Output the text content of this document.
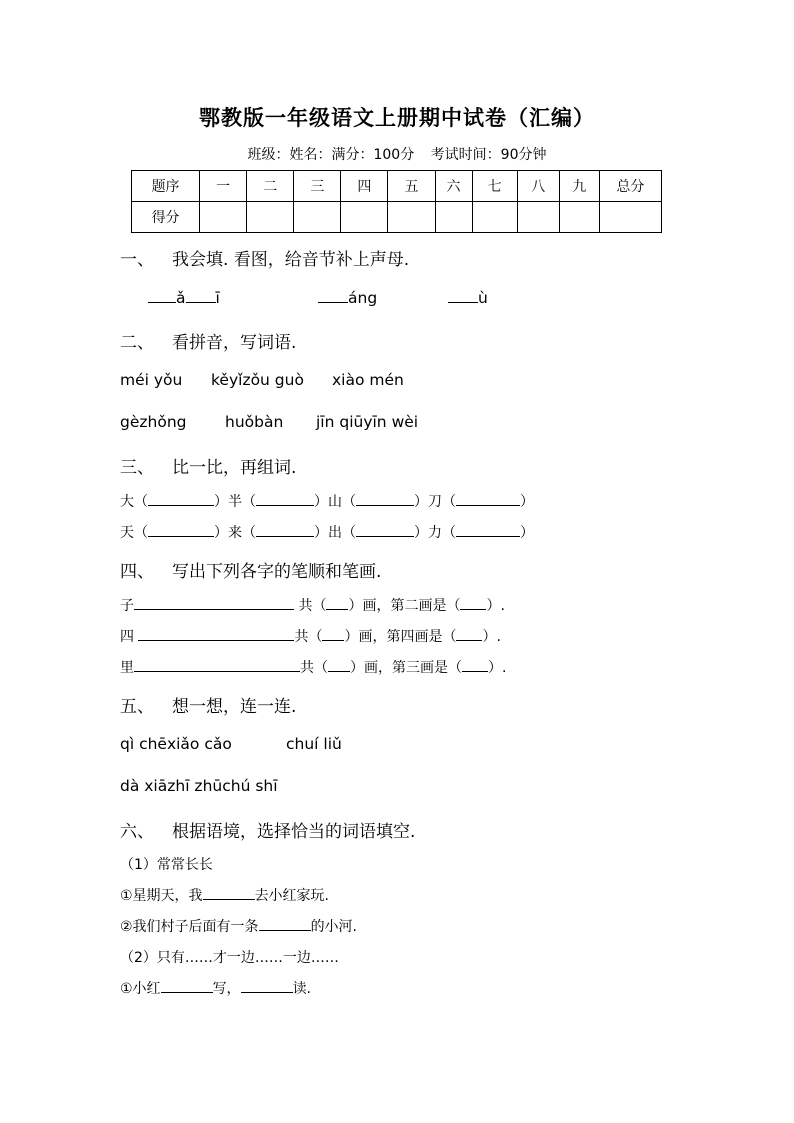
鄂教版一年级语文上册期中试卷（汇编）
班级：姓名：满分：100分 考试时间：90分钟
题序	一	二	三	四	五	六	七	八	九	总分
得分										
一、 我会填. 看图，给音节补上声母.
ǎ ī	áng	ù
二、 看拼音，写词语.
méi yǒu kěyǐzǒu guò xiào mén
gèzhǒng huǒbàn jīn qiūyīn wèi
三、 比一比，再组词.
大（	）半（	）山（	）刀（	）
天（	）来（	）出（	）力（	）
四、 写出下列各字的笔顺和笔画.
子	共（ ）画，第二画是（ ）.
四	共（ ）画，第四画是（ ）.
里	共（ ）画，第三画是（ ）.
五、 想一想，连一连.
qì chēxiǎo cǎo	chuí liǔ
dà xiāzhī zhūchú shī
六、 根据语境，选择恰当的词语填空.
（1）常常长长
①星期天，我	去小红家玩.
②我们村子后面有一条	的小河.
（2）只有……才一边……一边……
①小红	写，	读.
